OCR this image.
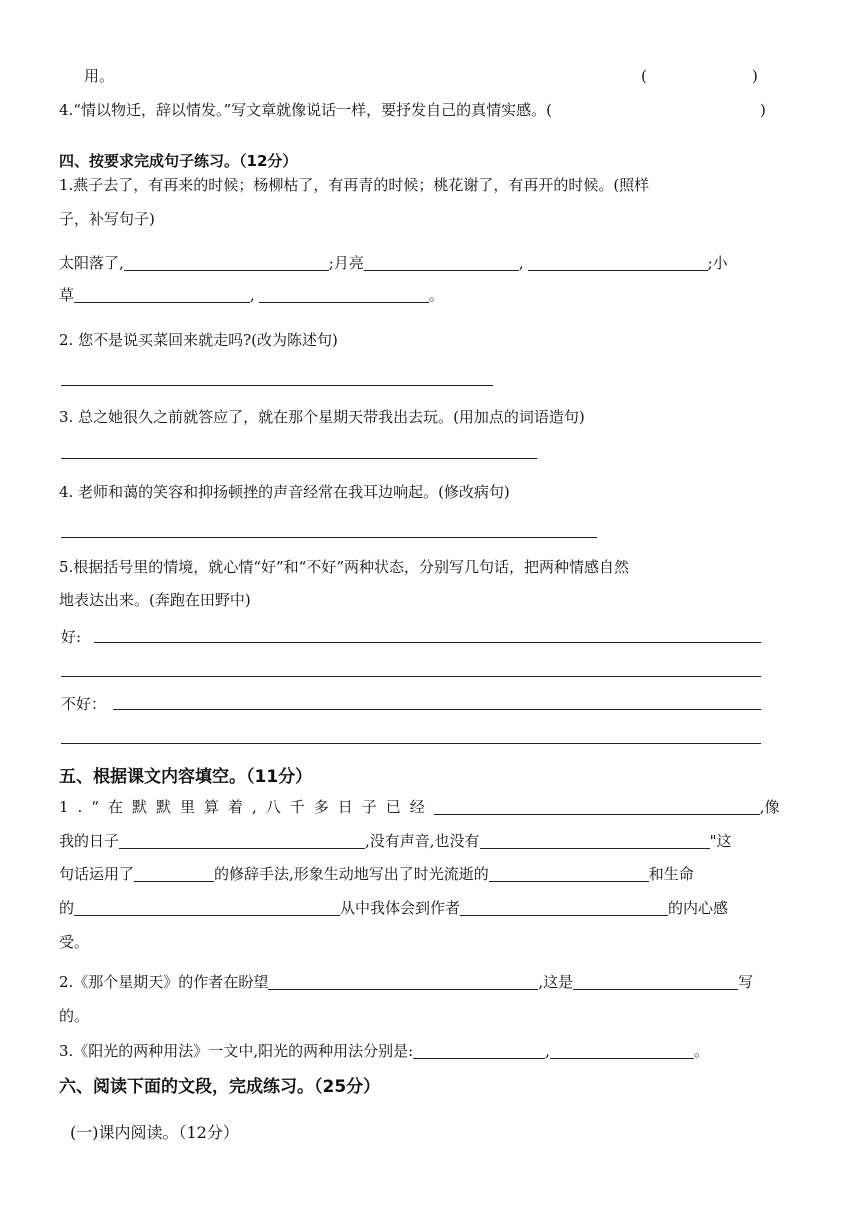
用。	(	)
4.“情以物迁，辞以情发。”写文章就像说话一样，要抒发自己的真情实感。(	)
四、按要求完成句子练习。（12分）
1.燕子去了，有再来的时候；杨柳枯了，有再青的时候；桃花谢了，有再开的时候。(照样
子，补写句子)
太阳落了,	;月亮	,	;小
草	,	。
2. 您不是说买菜回来就走吗?(改为陈述句)
3. 总之她很久之前就答应了，就在那个星期天带我出去玩。(用加点的词语造句)
4. 老师和蔼的笑容和抑扬顿挫的声音经常在我耳边响起。(修改病句)
5.根据括号里的情境，就心情“好”和“不好”两种状态，分别写几句话，把两种情感自然
地表达出来。(奔跑在田野中)
好:
不好：
五、根据课文内容填空。（11分）
1.“在默默里算着,八千多日子已经	,像
我的日子	,没有声音,也没有	"这
句话运用了	的修辞手法,形象生动地写出了时光流逝的	和生命
的	从中我体会到作者	的内心感
受。
2.《那个星期天》的作者在盼望	,这是	写
的。
3.《阳光的两种用法》一文中,阳光的两种用法分别是:	,	。
六、阅读下面的文段，完成练习。（25分）
(一)课内阅读。（12分）
